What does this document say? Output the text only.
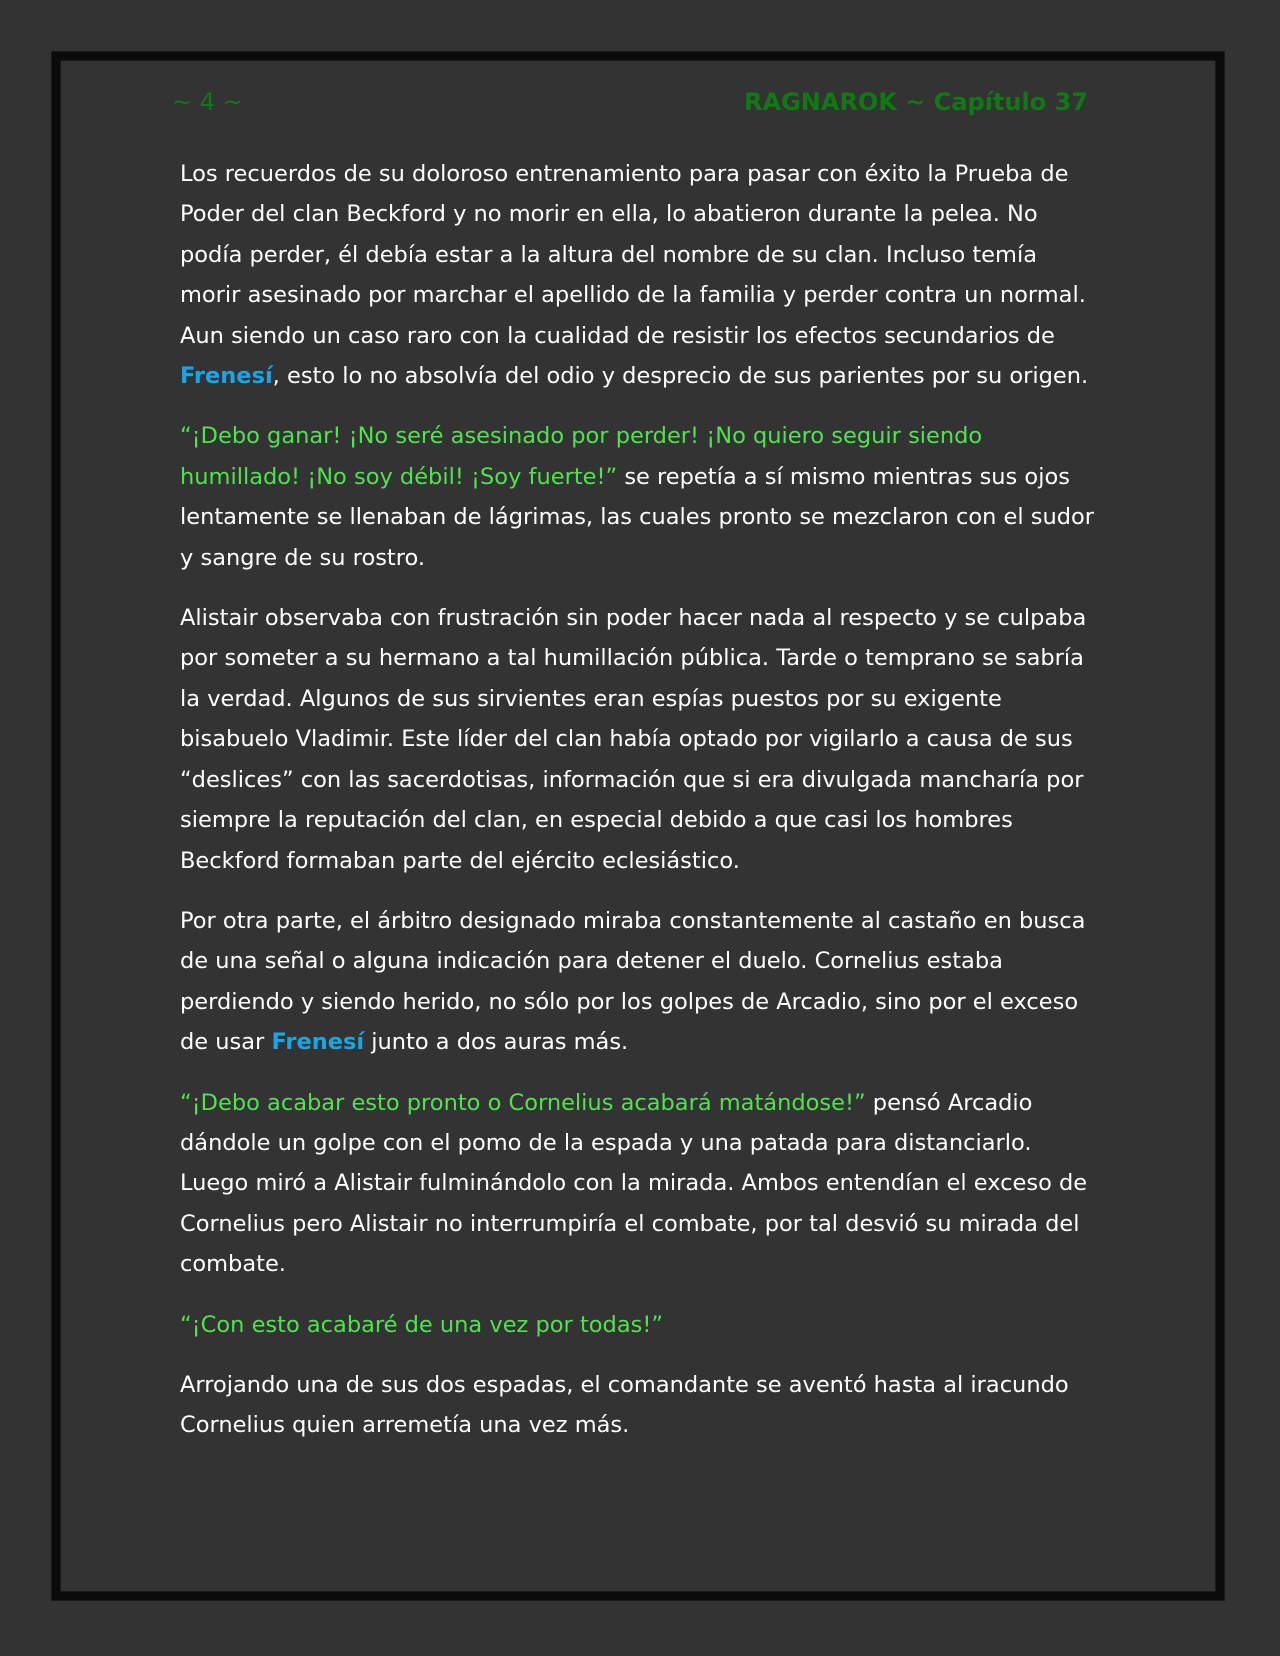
~ 4 ~	RAGNAROK ~ Capítulo 37

Los recuerdos de su doloroso entrenamiento para pasar con éxito la Prueba de Poder del clan Beckford y no morir en ella, lo abatieron durante la pelea. No podía perder, él debía estar a la altura del nombre de su clan. Incluso temía morir asesinado por marchar el apellido de la familia y perder contra un normal. Aun siendo un caso raro con la cualidad de resistir los efectos secundarios de Frenesí, esto lo no absolvía del odio y desprecio de sus parientes por su origen.

“¡Debo ganar! ¡No seré asesinado por perder! ¡No quiero seguir siendo humillado! ¡No soy débil! ¡Soy fuerte!” se repetía a sí mismo mientras sus ojos lentamente se llenaban de lágrimas, las cuales pronto se mezclaron con el sudor y sangre de su rostro.

Alistair observaba con frustración sin poder hacer nada al respecto y se culpaba por someter a su hermano a tal humillación pública. Tarde o temprano se sabría la verdad. Algunos de sus sirvientes eran espías puestos por su exigente bisabuelo Vladimir. Este líder del clan había optado por vigilarlo a causa de sus “deslices” con las sacerdotisas, información que si era divulgada mancharía por siempre la reputación del clan, en especial debido a que casi los hombres Beckford formaban parte del ejército eclesiástico.

Por otra parte, el árbitro designado miraba constantemente al castaño en busca de una señal o alguna indicación para detener el duelo. Cornelius estaba perdiendo y siendo herido, no sólo por los golpes de Arcadio, sino por el exceso de usar Frenesí junto a dos auras más.

“¡Debo acabar esto pronto o Cornelius acabará matándose!” pensó Arcadio dándole un golpe con el pomo de la espada y una patada para distanciarlo. Luego miró a Alistair fulminándolo con la mirada. Ambos entendían el exceso de Cornelius pero Alistair no interrumpiría el combate, por tal desvió su mirada del combate.

“¡Con esto acabaré de una vez por todas!”

Arrojando una de sus dos espadas, el comandante se aventó hasta al iracundo Cornelius quien arremetía una vez más.
